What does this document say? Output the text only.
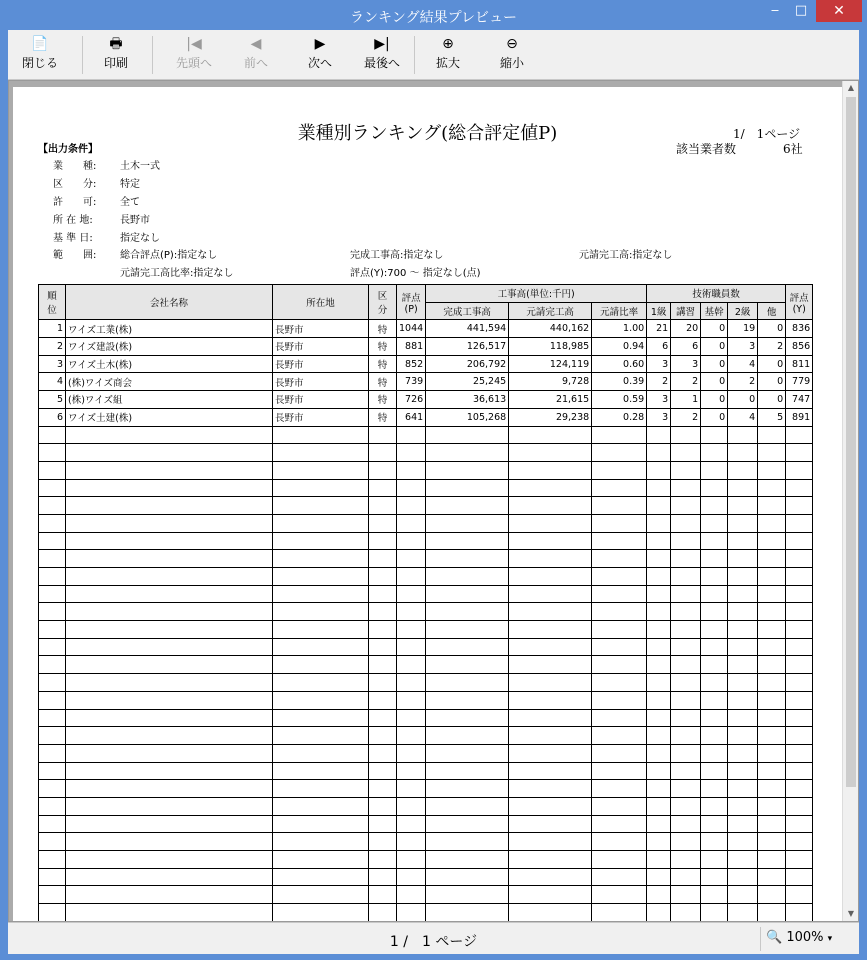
ランキング結果プレビュー	‒	□	✕
📄
閉じる
🖶
印刷
|◀
先頭へ
◀
前へ
▶
次へ
▶|
最後へ
⊕
拡大
⊖
縮小
業種別ランキング(総合評定値P)	1/　1ページ
該当業者数	6社
【出力条件】
業　　種: 土木一式
区　　分: 特定
許　　可: 全て
所 在 地:	長野市
基 準 日:	指定なし
範　　囲: 総合評点(P):指定なし	完成工事高:指定なし	元請完工高:指定なし
元請完工高比率:指定なし	評点(Y):700 ～ 指定なし(点)
順
位	会社名称	所在地	区
分	評点
(P)	工事高(単位:千円)			技術職員数					評点
(Y)
					完成工事高	元請完工高	元請比率	1級	講習	基幹	2級	他	
1	ワイズ工業(株)	長野市	特	1044	441,594	440,162	1.00	21	20	0	19	0	836
2	ワイズ建設(株)	長野市	特	881	126,517	118,985	0.94	6	6	0	3	2	856
3	ワイズ土木(株)	長野市	特	852	206,792	124,119	0.60	3	3	0	4	0	811
4	(株)ワイズ商会	長野市	特	739	25,245	9,728	0.39	2	2	0	2	0	779
5	(株)ワイズ組	長野市	特	726	36,613	21,615	0.59	3	1	0	0	0	747
6	ワイズ土建(株)	長野市	特	641	105,268	29,238	0.28	3	2	0	4	5	891

▲
▼
1 /　1 ページ	🔍 100% ▾
